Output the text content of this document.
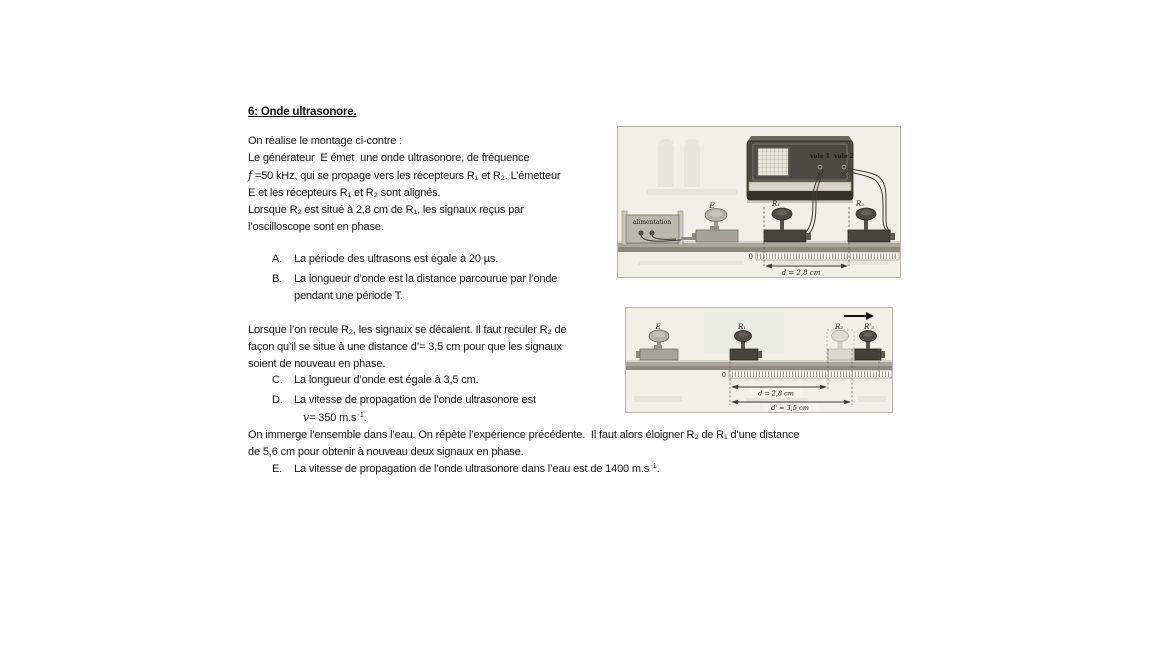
6: Onde ultrasonore.
On réalise le montage ci-contre :
Le générateur  E émet  une onde ultrasonore, de fréquence
f =50 kHz, qui se propage vers les récepteurs R₁ et R₂. L’émetteur
E et les récepteurs R₁ et R₂ sont alignés.
Lorsque R₂ est situé à 2,8 cm de R₁, les signaux reçus par
l’oscilloscope sont en phase.
A.	La période des ultrasons est égale à 20 µs.
B.	La longueur d’onde est la distance parcourue par l’onde pendant une période T.
Lorsque l’on recule R₂, les signaux se décalent. Il faut reculer R₂ de
façon qu’il se situe à une distance d’= 3,5 cm pour que les signaux
soient de nouveau en phase.
C.	La longueur d’onde est égale à 3,5 cm.
D.	La vitesse de propagation de l’onde ultrasonore est
v= 350 $m.s^{-1}$.
On immerge l’ensemble dans l’eau. On répète l’expérience précédente.  Il faut alors éloigner R₂ de R₁ d’une distance
de 5,6 cm pour obtenir à nouveau deux signaux en phase.
E.	La vitesse de propagation de l’onde ultrasonore dans l’eau est de 1400 $m.s^{-1}$.
0
alimentation
voie 1 voie 2
E	R₁	R₂
d = 2,8 cm
0
E	R₁	R₂	R'₂
d = 2,8 cm
d' = 3,5 cm
